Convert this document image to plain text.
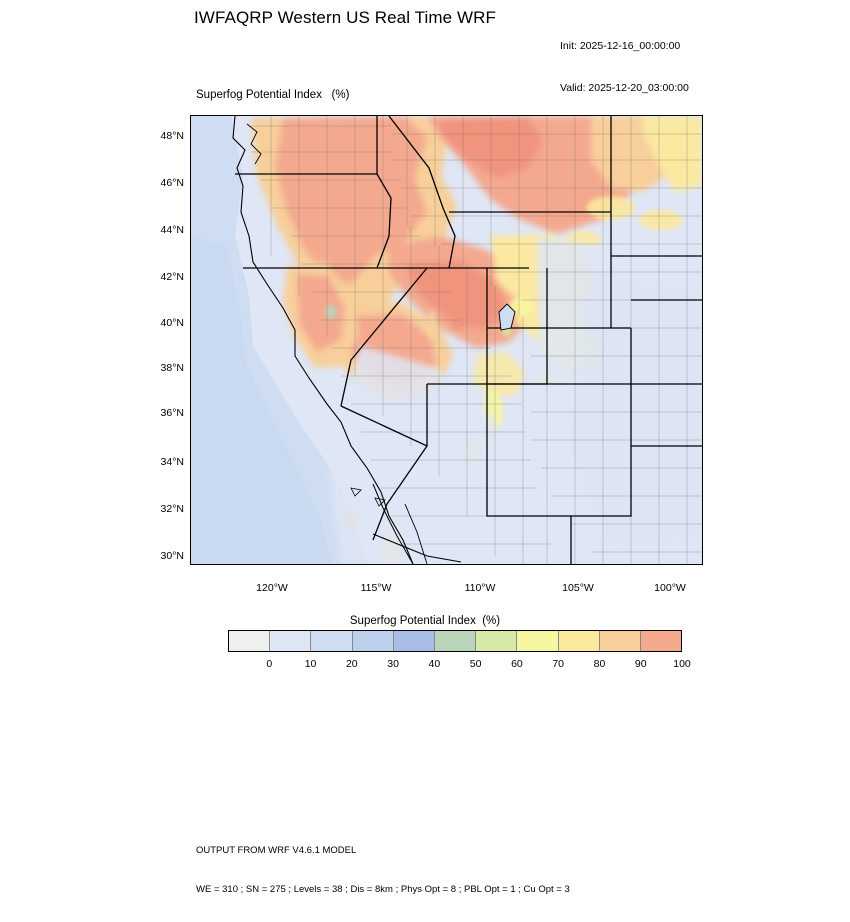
IWFAQRP Western US Real Time WRF

Init: 2025-12-16_00:00:00

Valid: 2025-12-20_03:00:00

Superfog Potential Index   (%)
48°N
46°N
44°N
42°N
40°N
38°N
36°N
34°N
32°N
30°N
120°W	115°W	110°W	105°W	100°W
Superfog Potential Index  (%)
0	10	20	30	40	50	60	70	80	90	100

OUTPUT FROM WRF V4.6.1 MODEL

WE = 310 ; SN = 275 ; Levels = 38 ; Dis = 8km ; Phys Opt = 8 ; PBL Opt = 1 ; Cu Opt = 3
